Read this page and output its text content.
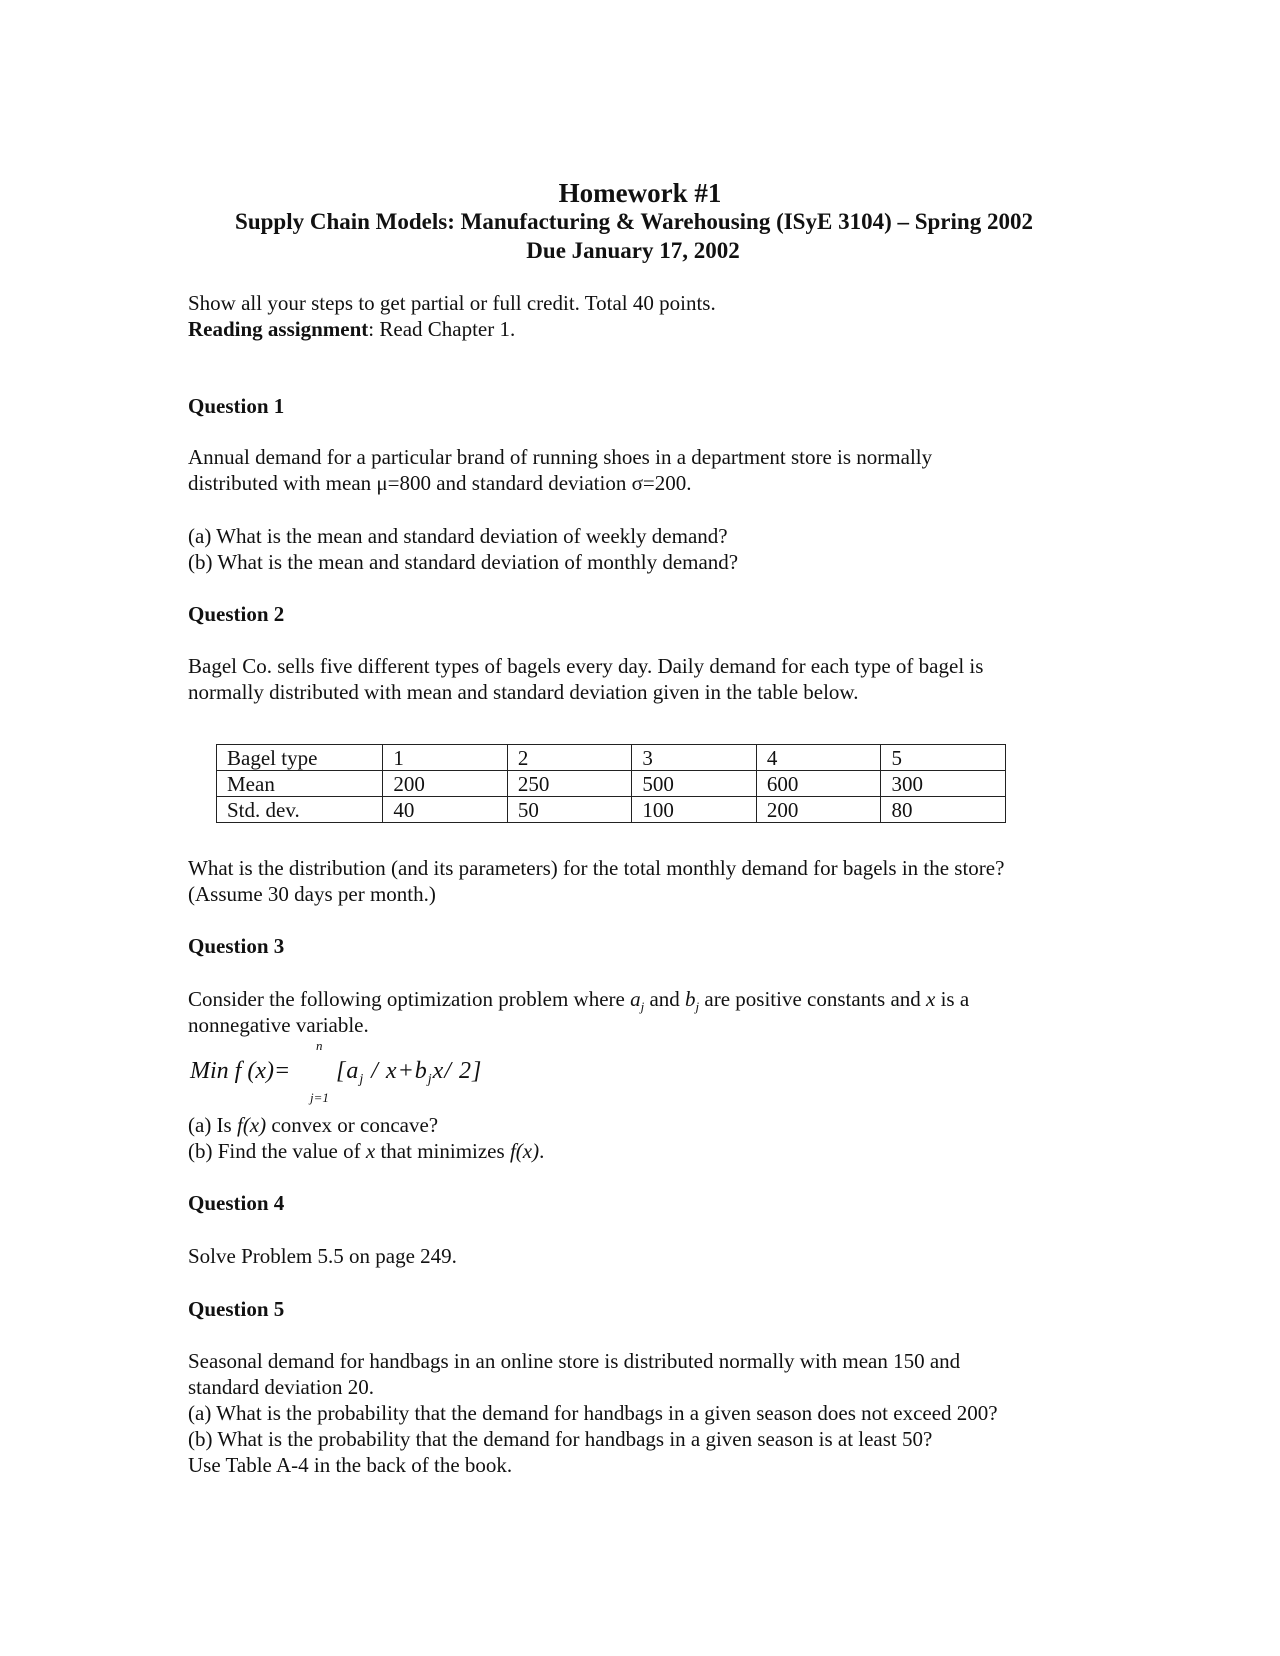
Homework #1
Supply Chain Models: Manufacturing & Warehousing (ISyE 3104) – Spring 2002
Due January 17, 2002
Show all your steps to get partial or full credit. Total 40 points.
Reading assignment: Read Chapter 1.
Question 1
Annual demand for a particular brand of running shoes in a department store is normally
distributed with mean μ=800 and standard deviation σ=200.
(a) What is the mean and standard deviation of weekly demand?
(b) What is the mean and standard deviation of monthly demand?
Question 2
Bagel Co. sells five different types of bagels every day. Daily demand for each type of bagel is
normally distributed with mean and standard deviation given in the table below.
Bagel type	1	2	3	4	5
Mean	200	250	500	600	300
Std. dev.	40	50	100	200	80
What is the distribution (and its parameters) for the total monthly demand for bagels in the store?
(Assume 30 days per month.)
Question 3
Consider the following optimization problem where $a_j$ and $b_j$ are positive constants and x is a
nonnegative variable.
Min f (x)=
n
j=1
[$a_j / x+b_jx/$ 2]
(a) Is f(x) convex or concave?
(b) Find the value of x that minimizes f(x).
Question 4
Solve Problem 5.5 on page 249.
Question 5
Seasonal demand for handbags in an online store is distributed normally with mean 150 and
standard deviation 20.
(a) What is the probability that the demand for handbags in a given season does not exceed 200?
(b) What is the probability that the demand for handbags in a given season is at least 50?
Use Table A-4 in the back of the book.
